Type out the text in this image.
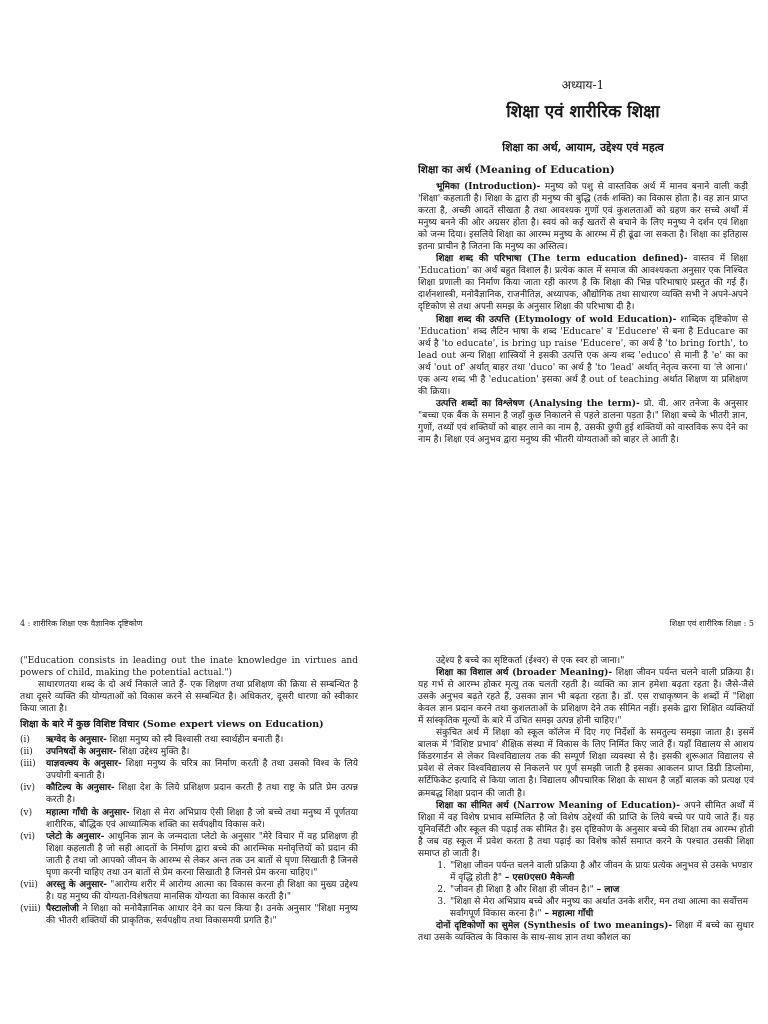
अध्याय-1
शिक्षा एवं शारीरिक शिक्षा
शिक्षा का अर्थ, आयाम, उद्देश्य एवं महत्व
शिक्षा का अर्थ (Meaning of Education)

भूमिका (Introduction)- मनुष्य को पशु से वास्तविक अर्थ में मानव बनाने वाली कड़ी 'शिक्षा' कहलाती है। शिक्षा के द्वारा ही मनुष्य की बुद्धि (तर्क शक्ति) का विकास होता है। वह ज्ञान प्राप्त करता है, अच्छी आदतें सीखता है तथा आवश्यक गुणों एवं कुशलताओं को ग्रहण कर सच्चे अर्थों में मनुष्य बनने की ओर अग्रसर होता है। स्वयं को कई खतरों से बचाने के लिए मनुष्य ने दर्शन एवं शिक्षा को जन्म दिया। इसलिये शिक्षा का आरम्भ मनुष्य के आरम्भ में ही ढूंढा जा सकता है। शिक्षा का इतिहास इतना प्राचीन है जितना कि मनुष्य का अस्तित्व।

शिक्षा शब्द की परिभाषा (The term education defined)- वास्तव में शिक्षा 'Education' का अर्थ बहुत विशाल है। प्रत्येक काल में समाज की आवश्यकता अनुसार एक निश्चित शिक्षा प्रणाली का निर्माण किया जाता रही कारण है कि शिक्षा की भिन्न परिभाषाएं प्रस्तुत की गई हैं। दार्शनशास्त्री, मनोवैज्ञानिक, राजनीतिज्ञ, अध्यापक, औद्योगिक तथा साधारण व्यक्ति सभी ने अपने-अपने दृष्टिकोण से तथा अपनी समझ के अनुसार शिक्षा की परिभाषा दी है।

शिक्षा शब्द की उत्पत्ति (Etymology of wold Education)- शाब्दिक दृष्टिकोण से 'Education' शब्द लैटिन भाषा के शब्द 'Educare' व 'Educere' से बना है Educare का अर्थ है 'to educate', is bring up raise 'Educere', का अर्थ है 'to bring forth', to lead out अन्य शिक्षा शास्त्रियों ने इसकी उत्पत्ति एक अन्य शब्द 'educo' से मानी है 'e' का का अर्थ 'out of' अर्थात् बाहर तथा 'duco' का अर्थ है 'to 'lead' अर्थात् नेतृत्व करना या 'ले आना।' एक अन्य शब्द भी है 'education' इसका अर्थ है out of teaching अर्थात शिक्षण या प्रशिक्षण की क्रिया।

उत्पत्ति शब्दों का विश्लेषण (Analysing the term)- प्रो. वी. आर तनेजा के अनुसार "बच्चा एक बैंक के समान है जहाँ कुछ निकालने से पहले डालना पड़ता है।" शिक्षा बच्चे के भीतरी ज्ञान, गुणों, तथ्यों एवं शक्तियों को बाहर लाने का नाम है, उसकी छुपी हुई शक्तियों को वास्तविक रूप देने का नाम है। शिक्षा एवं अनुभव द्वारा मनुष्य की भीतरी योग्यताओं को बाहर ले आती है।

4 : शारीरिक शिक्षा एक वैज्ञानिक दृष्टिकोण

("Education consists in leading out the inate knowledge in virtues and powers of child, making the potential actual.")

साधारणतया शब्द के दो अर्थ निकाले जाते हैं- एक शिक्षण तथा प्रशिक्षण की क्रिया से सम्बन्धित है तथा दूसरे व्यक्ति की योग्यताओं को विकास करने से सम्बन्धित है। अधिकतर, दूसरी धारणा को स्वीकार किया जाता है।

शिक्षा के बारे में कुछ विशिष्ट विचार (Some expert views on Education)
(i)	ऋग्वेद के अनुसार- शिक्षा मनुष्य को स्वै विश्वासी तथा स्वार्थहीन बनाती है।
(ii)	उपनिषदों के अनुसार- शिक्षा उद्देश्य मुक्ति है।
(iii)	याज्ञवल्क्य के अनुसार- शिक्षा मनुष्य के चरित्र का निर्माण करती है तथा उसको विश्व के लिये उपयोगी बनाती है।
(iv)	कौटिल्य के अनुसार- शिक्षा देश के लिये प्रशिक्षण प्रदान करती है तथा राष्ट्र के प्रति प्रेम उत्पन्न करती है।
(v)	महात्मा गाँधी के अनुसार- शिक्षा से मेरा अभिप्राय ऐसी शिक्षा है जो बच्चे तथा मनुष्य में पूर्णतया शारीरिक, बौद्धिक एवं आध्यात्मिक शक्ति का सर्वपक्षीय विकास करे।
(vi)	प्लेटो के अनुसार- आधुनिक ज्ञान के जन्मदाता प्लेटो के अनुसार "मेरे विचार में वह प्रशिक्षण ही शिक्षा कहलाती है जो सही आदतों के निर्माण द्वारा बच्चे की आरम्भिक मनोवृत्तियों को प्रदान की जाती है तथा जो आपको जीवन के आरम्भ से लेकर अन्त तक उन बातों से घृणा सिखाती है जिनसे घृणा करनी चाहिए तथा उन बातों से प्रेम करना सिखाती है जिनसे प्रेम करना चाहिए।"
(vii) अरस्तु के अनुसार- "आरोग्य शरीर में आरोग्य आत्मा का विकास करना ही शिक्षा का मुख्य उद्देश्य है। यह मनुष्य की योग्यता-विशेषतया मानसिक योग्यता का विकास करती है।"
(viii) पैस्टालोजी ने शिक्षा को मनोवैज्ञानिक आधार देने का यत्न किया है। उनके अनुसार "शिक्षा मनुष्य की भीतरी शक्तियों की प्राकृतिक, सर्वपक्षीय तथा विकासमयी प्रगति है।"
शिक्षा एवं शारीरिक शिक्षा : 5

उद्देश्य है बच्चे का सृष्टिकर्ता (ईश्वर) से एक स्वर हो जाना।"

शिक्षा का विशाल अर्थ (broader Meaning)- शिक्षा जीवन पर्यन्त चलने वाली प्रक्रिया है। यह गर्भ से आरम्भ होकर मृत्यु तक चलती रहती है। व्यक्ति का ज्ञान हमेशा बढ़ता रहता है। जैसे-जैसे उसके अनुभव बढ़ते रहते हैं, उसका ज्ञान भी बढ़ता रहता है। डॉ. एस राधाकृष्णन के शब्दों में "शिक्षा केवल ज्ञान प्रदान करने तथा कुशलताओं के प्रशिक्षण देने तक सीमित नहीं। इसके द्वारा शिक्षित व्यक्तियों में सांस्कृतिक मूल्यों के बारे में उचित समझ उत्पन्न होनी चाहिए।"

संकुचित अर्थ में शिक्षा को स्कूल कॉलेज में दिए गए निर्देशों के समतुल्य समझा जाता है। इसमें बालक में 'विशिष्ट प्रभाव' शैक्षिक संस्था में विकास के लिए निर्मित किए जाते हैं। यहाँ विद्यालय से आशय किंडरगार्डन से लेकर विश्वविद्यालय तक की सम्पूर्ण शिक्षा व्यवस्था से है। इसकी शुरूआत विद्यालय से प्रवेश से लेकर विश्वविद्यालय से निकलने पर पूर्ण समझी जाती है इसका आकलन प्राप्त डिग्री डिप्लोमा, सर्टिफिकेट इत्यादि से किया जाता है। विद्यालय औपचारिक शिक्षा के साधन है जहाँ बालक को प्रत्यक्ष एवं क्रमबद्ध शिक्षा प्रदान की जाती है।

शिक्षा का सीमित अर्थ (Narrow Meaning of Education)- अपने सीमित अर्थों में शिक्षा में वह विशेष प्रभाव सम्मिलित है जो विशेष उद्देश्यों की प्राप्ति के लिये बच्चे पर पाये जाते हैं। यह यूनिवर्सिटी और स्कूल की पढ़ाई तक सीमित है। इस दृष्टिकोण के अनुसार बच्चे की शिक्षा तब आरम्भ होती है जब वह स्कूल में प्रवेश करता है तथा पढ़ाई का विशेष कोर्स समाप्त करने के पश्चात उसकी शिक्षा समाप्त हो जाती है।

1. "शिक्षा जीवन पर्यन्त चलने वाली प्रक्रिया है और जीवन के प्रायः प्रत्येक अनुभव से उसके भण्डार में वृद्धि होती है" – एस0एस0 मैकेन्जी
2. "जीवन ही शिक्षा है और शिक्षा ही जीवन है।" – लाज
3. "शिक्षा से मेरा अभिप्राय बच्चे और मनुष्य का अर्थात उनके शरीर, मन तथा आत्मा का सर्वोत्तम सर्वांगपूर्ण विकास करना है।" – महात्मा गाँधी

दोनों दृष्टिकोणों का सुमेल (Synthesis of two meanings)- शिक्षा में बच्चे का सुधार तथा उसके व्यक्तित्व के विकास के साथ-साथ ज्ञान तथा कौशल का
